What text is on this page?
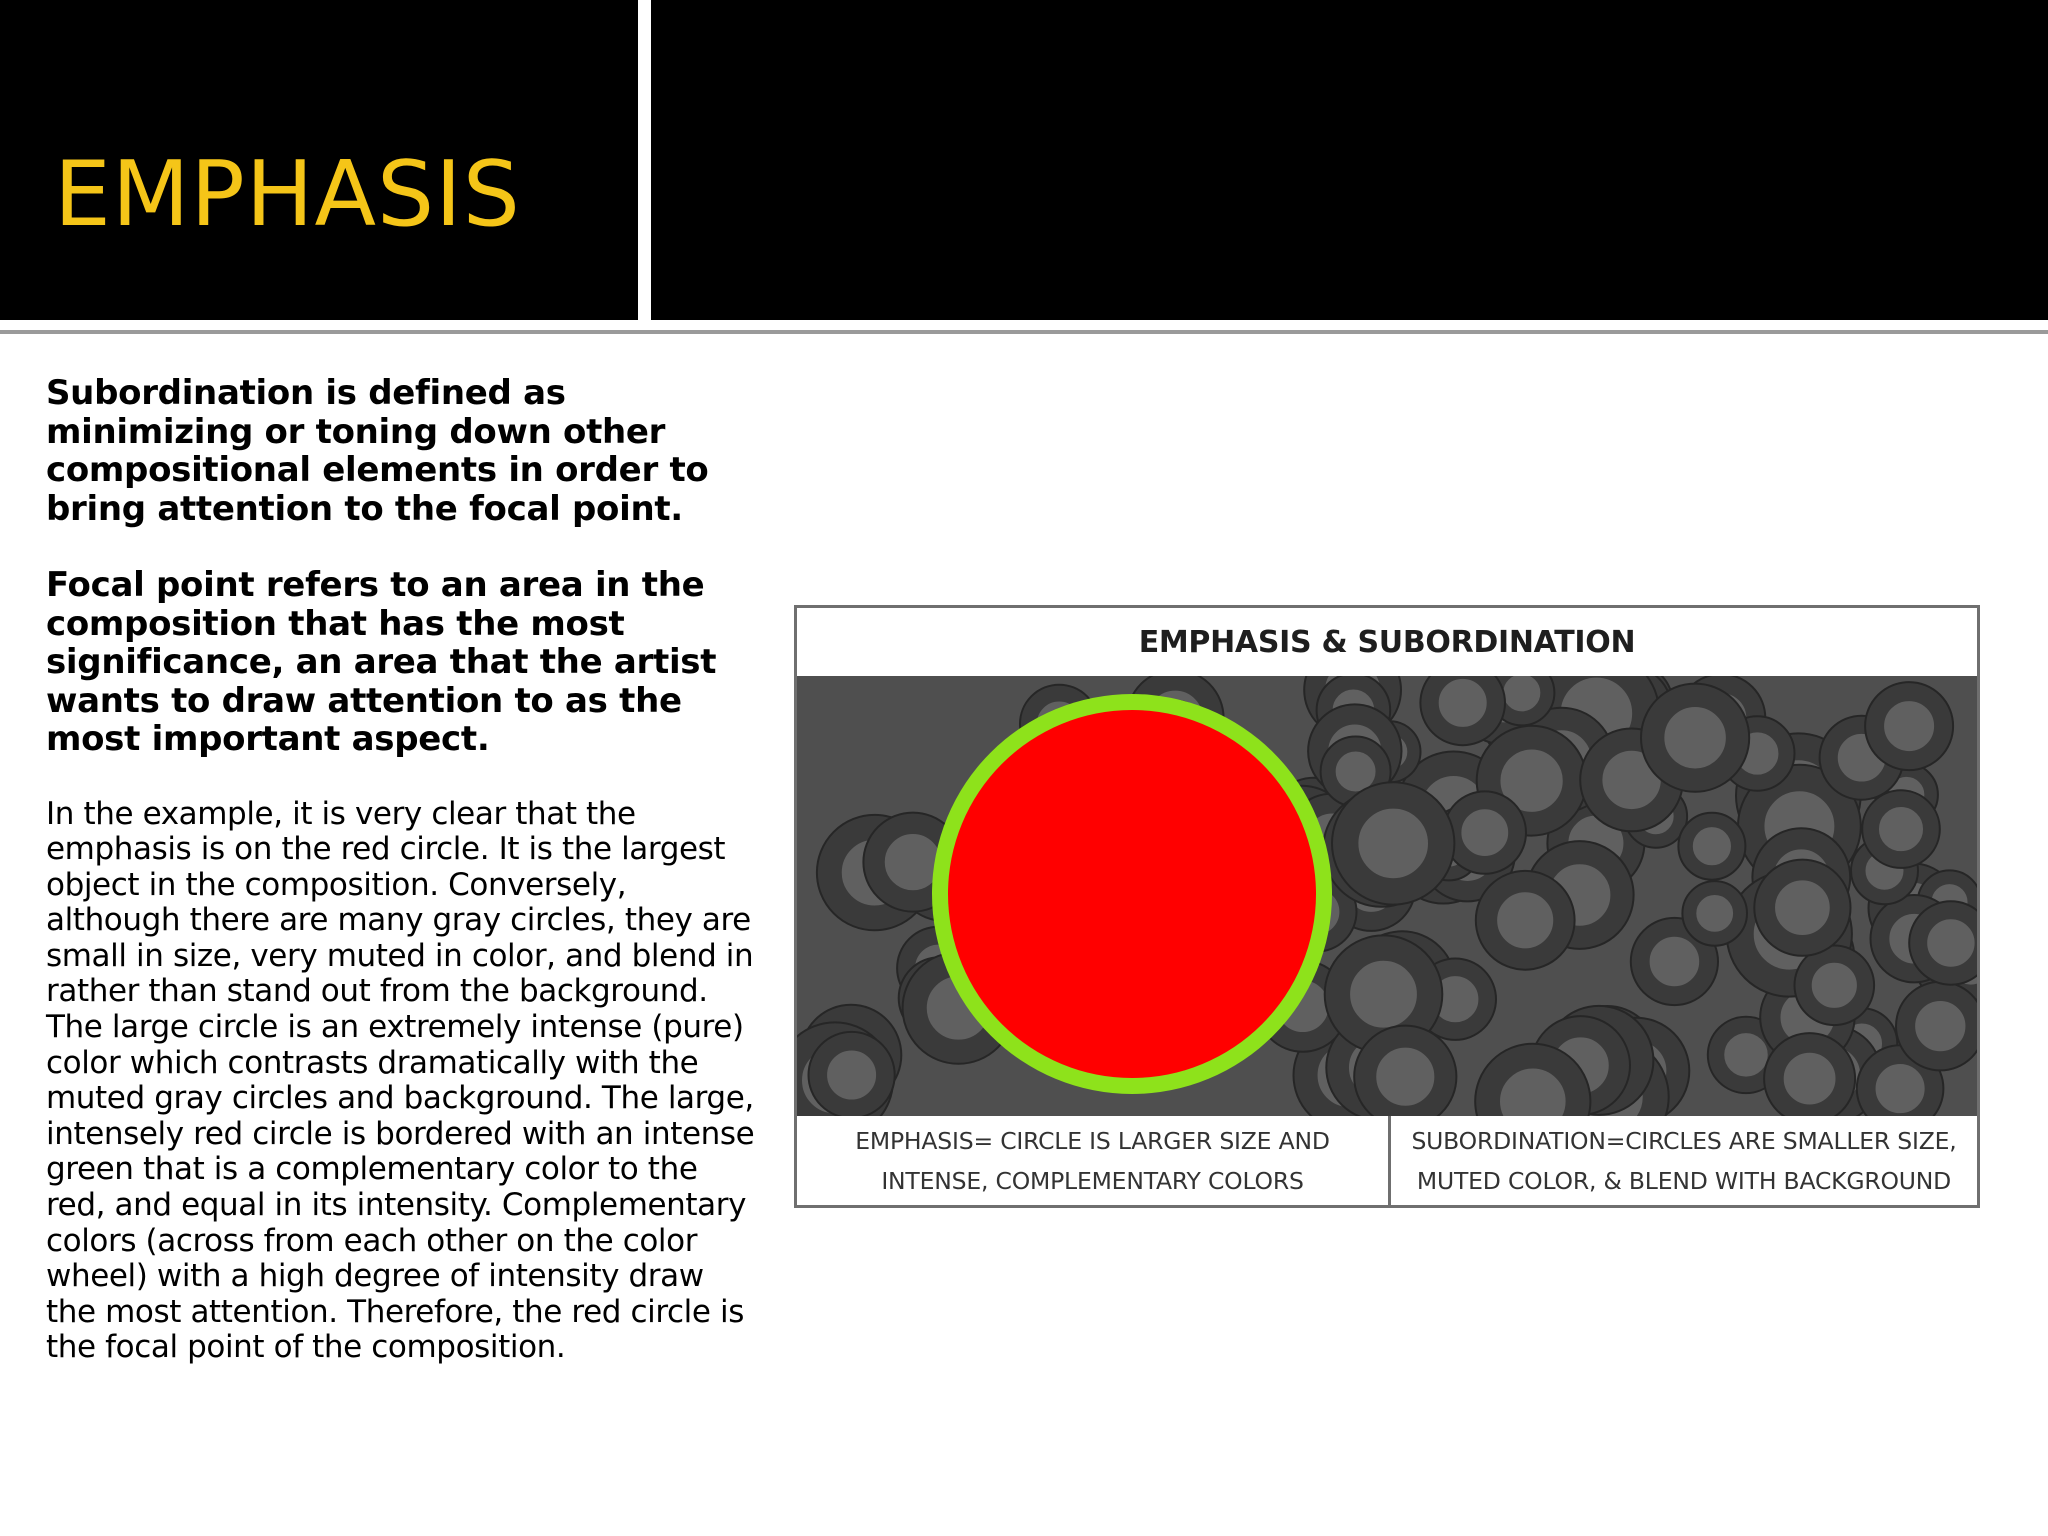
EMPHASIS

Subordination is defined as minimizing or toning down other compositional elements in order to bring attention to the focal point.

Focal point refers to an area in the composition that has the most significance, an area that the artist wants to draw attention to as the most important aspect.

In the example, it is very clear that the emphasis is on the red circle. It is the largest object in the composition. Conversely, although there are many gray circles, they are small in size, very muted in color, and blend in rather than stand out from the background. The large circle is an extremely intense (pure) color which contrasts dramatically with the muted gray circles and background. The large, intensely red circle is bordered with an intense green that is a complementary color to the red, and equal in its intensity. Complementary colors (across from each other on the color wheel) with a high degree of intensity draw the most attention. Therefore, the red circle is the focal point of the composition.

EMPHASIS & SUBORDINATION
EMPHASIS= CIRCLE IS LARGER SIZE AND
INTENSE, COMPLEMENTARY COLORS
SUBORDINATION=CIRCLES ARE SMALLER SIZE,
MUTED COLOR, & BLEND WITH BACKGROUND
